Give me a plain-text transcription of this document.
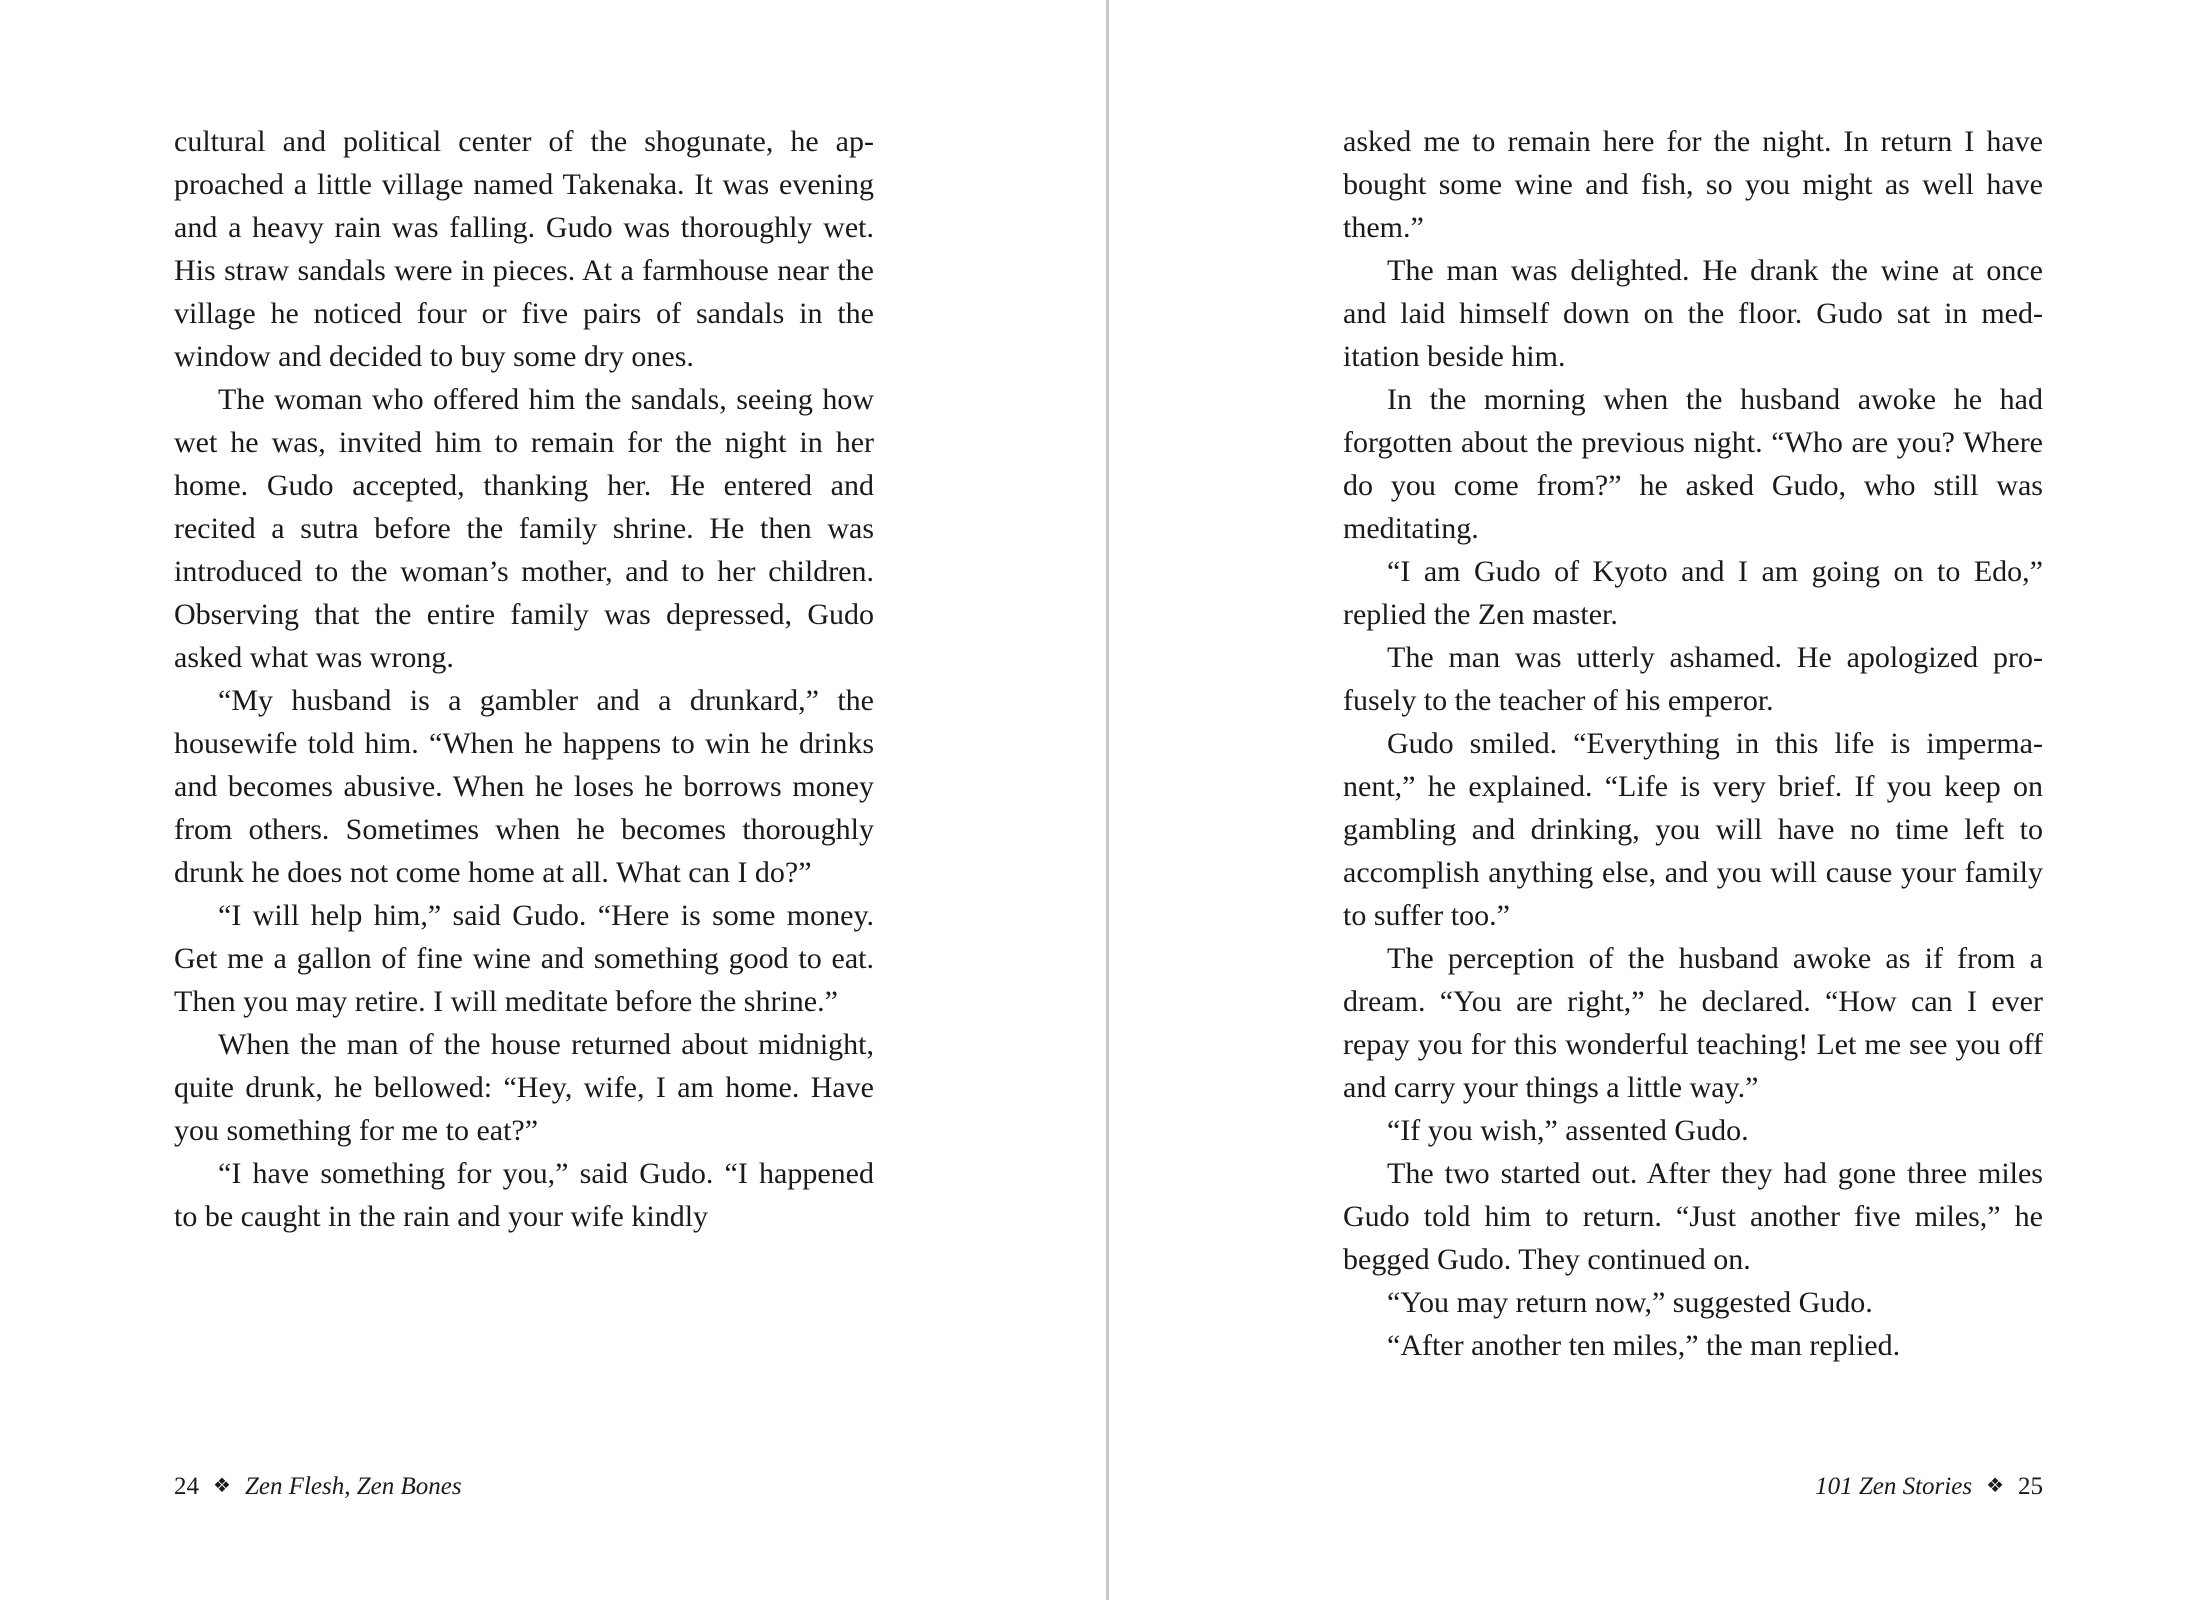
cultural and political center of the shogunate, he approached a little village named Takenaka. It was evening and a heavy rain was falling. Gudo was thoroughly wet. His straw sandals were in pieces. At a farmhouse near the village he noticed four or five pairs of sandals in the window and decided to buy some dry ones.

The woman who offered him the sandals, seeing how wet he was, invited him to remain for the night in her home. Gudo accepted, thanking her. He entered and recited a sutra before the family shrine. He then was introduced to the woman’s mother, and to her children. Observing that the entire family was depressed, Gudo asked what was wrong.

“My husband is a gambler and a drunkard,” the housewife told him. “When he happens to win he drinks and becomes abusive. When he loses he borrows money from others. Sometimes when he becomes thoroughly drunk he does not come home at all. What can I do?”

“I will help him,” said Gudo. “Here is some money. Get me a gallon of fine wine and something good to eat. Then you may retire. I will meditate before the shrine.”

When the man of the house returned about midnight, quite drunk, he bellowed: “Hey, wife, I am home. Have you something for me to eat?”

“I have something for you,” said Gudo. “I happened to be caught in the rain and your wife kindly

asked me to remain here for the night. In return I have bought some wine and fish, so you might as well have them.”

The man was delighted. He drank the wine at once and laid himself down on the floor. Gudo sat in meditation beside him.

In the morning when the husband awoke he had forgotten about the previous night. “Who are you? Where do you come from?” he asked Gudo, who still was meditating.

“I am Gudo of Kyoto and I am going on to Edo,” replied the Zen master.

The man was utterly ashamed. He apologized profusely to the teacher of his emperor.

Gudo smiled. “Everything in this life is impermanent,” he explained. “Life is very brief. If you keep on gambling and drinking, you will have no time left to accomplish anything else, and you will cause your family to suffer too.”

The perception of the husband awoke as if from a dream. “You are right,” he declared. “How can I ever repay you for this wonderful teaching! Let me see you off and carry your things a little way.”

“If you wish,” assented Gudo.

The two started out. After they had gone three miles Gudo told him to return. “Just another five miles,” he begged Gudo. They continued on.

“You may return now,” suggested Gudo.

“After another ten miles,” the man replied.

24 ❖ Zen Flesh, Zen Bones	101 Zen Stories ❖ 25
